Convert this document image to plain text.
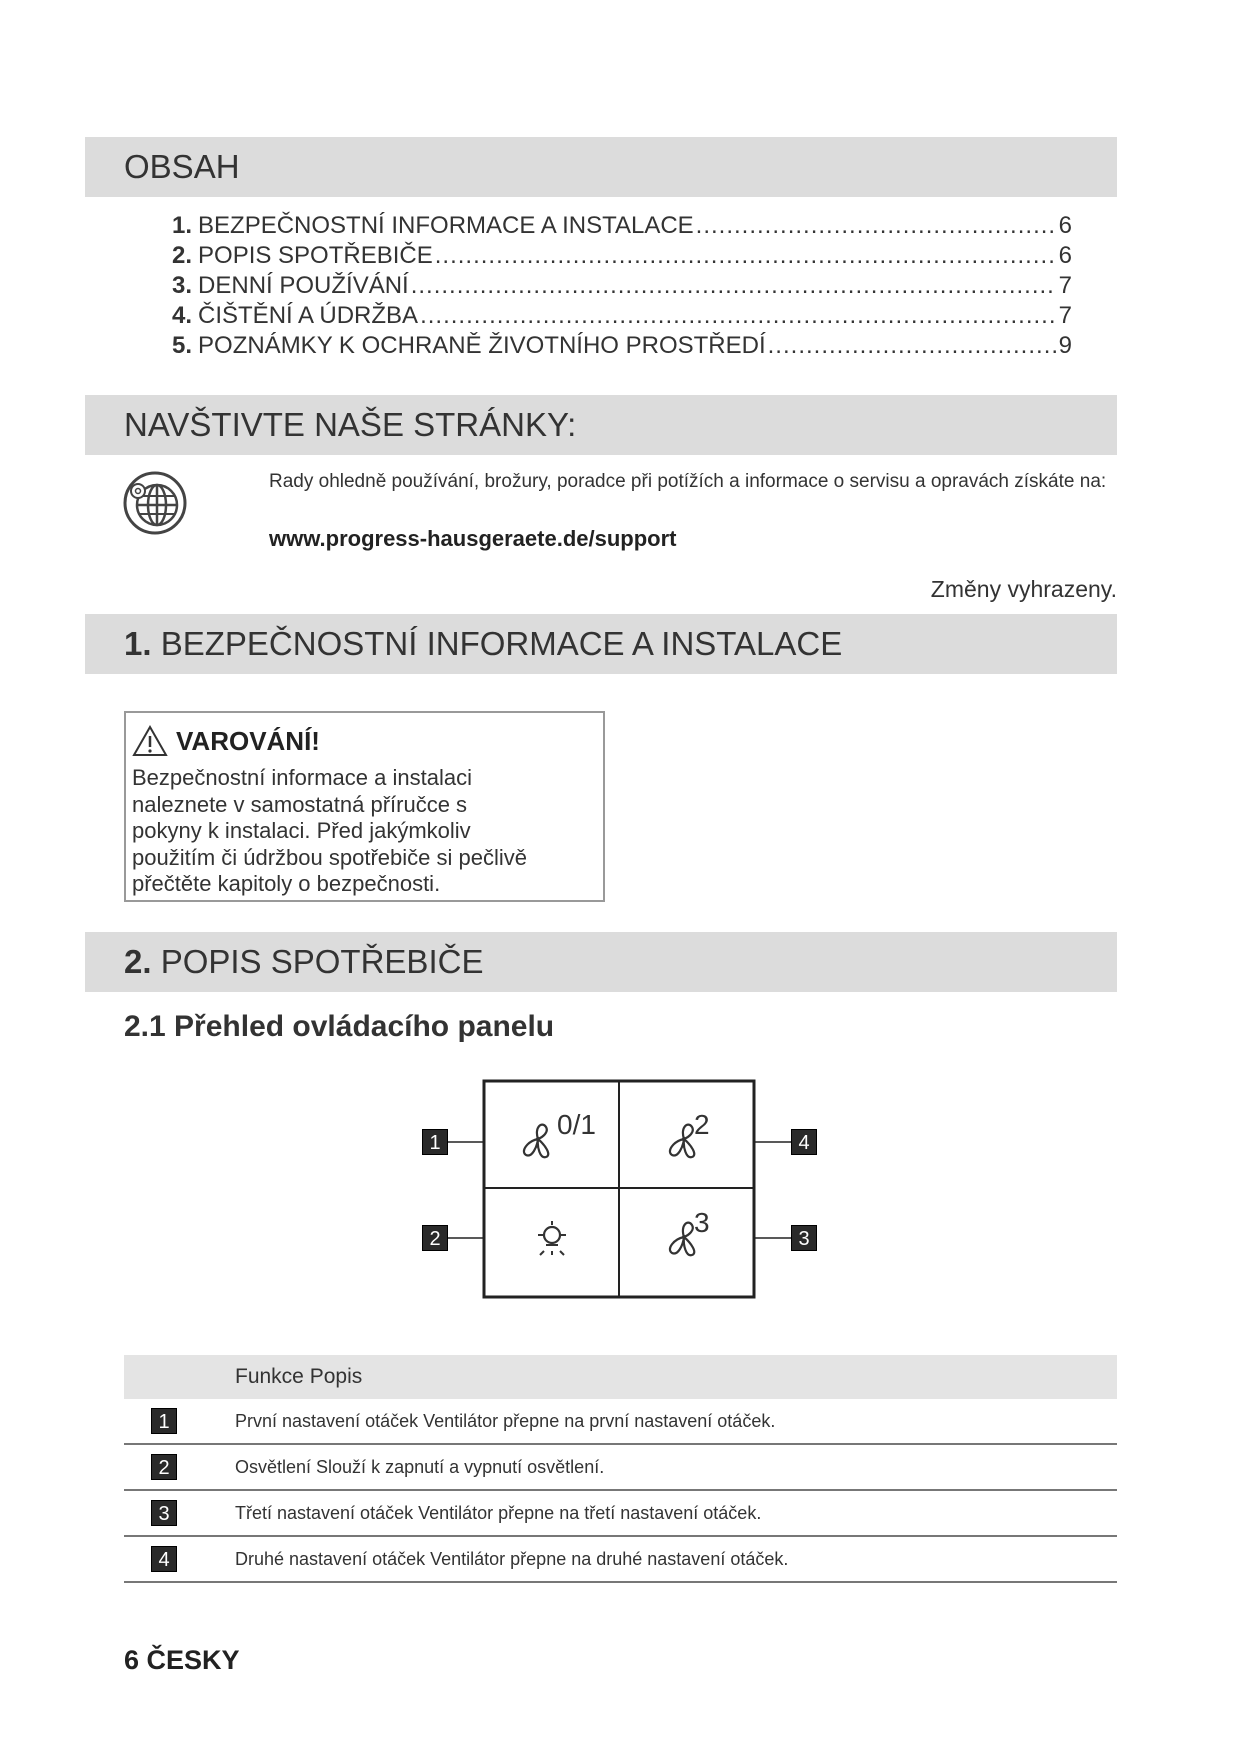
OBSAH
1. BEZPEČNOSTNÍ INFORMACE A INSTALACE .....	6
2. POPIS SPOTŘEBIČE .....	6
3. DENNÍ POUŽÍVÁNÍ .....	7
4. ČIŠTĚNÍ A ÚDRŽBA .....	7
5. POZNÁMKY K OCHRANĚ ŽIVOTNÍHO PROSTŘEDÍ .....	9
NAVŠTIVTE NAŠE STRÁNKY:
Rady ohledně používání, brožury, poradce při potížích a informace o servisu a opravách získáte na:
www.progress-hausgeraete.de/support
Změny vyhrazeny.
1. BEZPEČNOSTNÍ INFORMACE A INSTALACE
VAROVÁNÍ!
Bezpečnostní informace a instalaci
naleznete v samostatná příručce s
pokyny k instalaci. Před jakýmkoliv
použitím či údržbou spotřebiče si pečlivě
přečtěte kapitoly o bezpečnosti.
2. POPIS SPOTŘEBIČE
2.1 Přehled ovládacího panelu
0/1	2
3
1
2	3
4
Funkce Popis
1	První nastavení otáček Ventilátor přepne na první nastavení otáček.
2	Osvětlení Slouží k zapnutí a vypnutí osvětlení.
3	Třetí nastavení otáček Ventilátor přepne na třetí nastavení otáček.
4	Druhé nastavení otáček Ventilátor přepne na druhé nastavení otáček.
6 ČESKY
